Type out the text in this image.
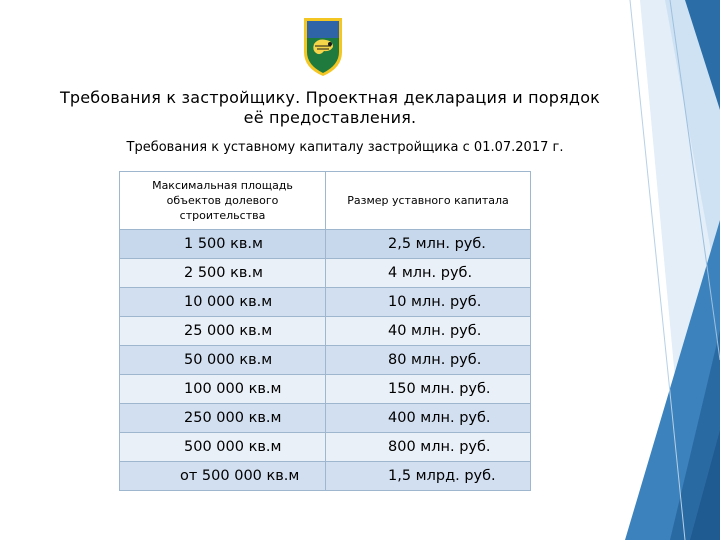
Требования к застройщику. Проектная декларация и порядок её предоставления.
Требования к уставному капиталу застройщика с 01.07.2017 г.
Максимальная площадь объектов долевого строительства	Размер уставного капитала
1 500 кв.м	2,5 млн. руб.
2 500 кв.м	4 млн. руб.
10 000 кв.м	10 млн. руб.
25 000 кв.м	40 млн. руб.
50 000 кв.м	80 млн. руб.
100 000 кв.м	150 млн. руб.
250 000 кв.м	400 млн. руб.
500 000 кв.м	800 млн. руб.
от 500 000 кв.м	1,5 млрд. руб.
